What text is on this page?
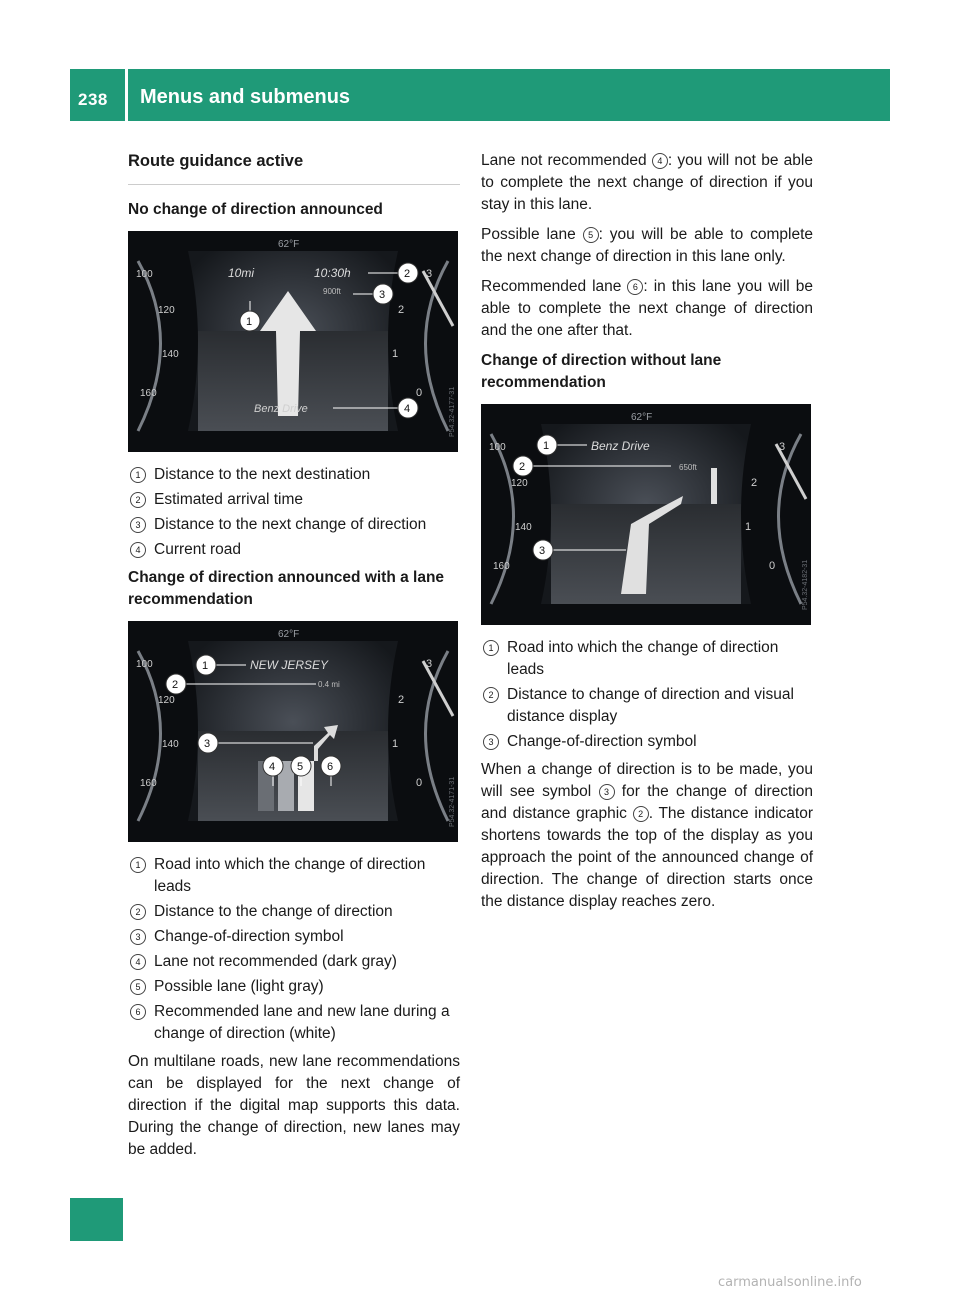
238 Menus and submenus
Route guidance active
No change of direction announced
62°F
10mi	10:30h
900ft
Benz Drive
100
120
140
160
3
2
1
0	P54.32-4177-31
1
2
3
4
1 Distance to the next destination
2 Estimated arrival time
3 Distance to the next change of direction
4 Current road
Change of direction announced with a lane recommendation
62°F
NEW JERSEY
0.4 mi
100
120
140
160
3
2
1
0	P54.32-4171-31
1
2
3
4 5 6
1 Road into which the change of direction leads
2 Distance to the change of direction
3 Change-of-direction symbol
4 Lane not recommended (dark gray)
5 Possible lane (light gray)
6 Recommended lane and new lane during a change of direction (white)

On multilane roads, new lane recommendations can be displayed for the next change of direction if the digital map supports this data. During the change of direction, new lanes may be added.

Lane not recommended 4 : you will not be able to complete the next change of direction if you stay in this lane.

Possible lane 5 : you will be able to complete the next change of direction in this lane only.

Recommended lane 6 : in this lane you will be able to complete the next change of direction and the one after that.

Change of direction without lane recommendation
62°F
Benz Drive
650ft
100
120
140
160
3
2
1
0	P54.32-4182-31
1
2
3
1 Road into which the change of direction leads
2 Distance to change of direction and visual distance display
3 Change-of-direction symbol

When a change of direction is to be made, you will see symbol 3 for the change of direction and distance graphic 2 . The distance indicator shortens towards the top of the display as you approach the point of the announced change of direction. The change of direction starts once the distance display reaches zero.

carmanualsonline.info
